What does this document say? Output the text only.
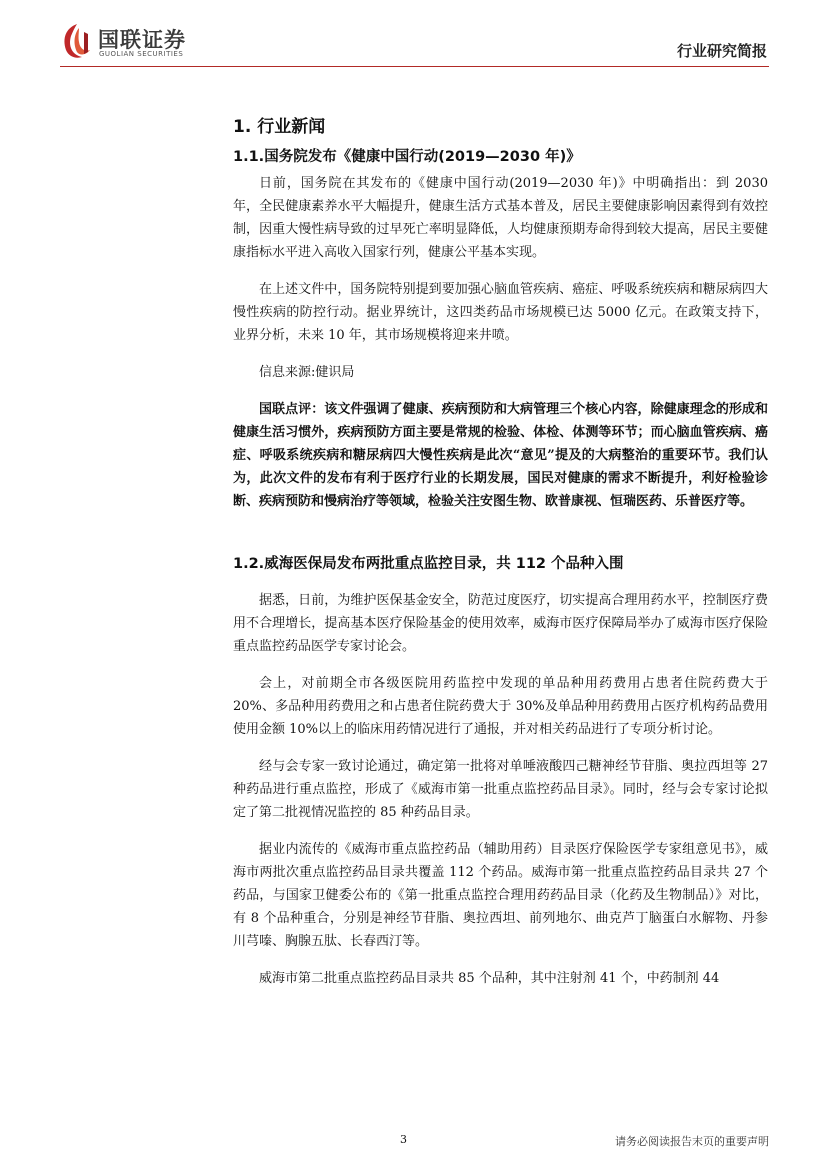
国联证券
GUOLIAN SECURITIES	行业研究简报
1. 行业新闻
1.1.国务院发布《健康中国行动(2019—2030 年)》

日前，国务院在其发布的《健康中国行动(2019—2030 年)》中明确指出：到 2030 年，全民健康素养水平大幅提升，健康生活方式基本普及，居民主要健康影响因素得到有效控制，因重大慢性病导致的过早死亡率明显降低，人均健康预期寿命得到较大提高，居民主要健康指标水平进入高收入国家行列，健康公平基本实现。

在上述文件中，国务院特别提到要加强心脑血管疾病、癌症、呼吸系统疾病和糖尿病四大慢性疾病的防控行动。据业界统计，这四类药品市场规模已达 5000 亿元。在政策支持下，业界分析，未来 10 年，其市场规模将迎来井喷。

信息来源:健识局

国联点评：该文件强调了健康、疾病预防和大病管理三个核心内容，除健康理念的形成和健康生活习惯外，疾病预防方面主要是常规的检验、体检、体测等环节；而心脑血管疾病、癌症、呼吸系统疾病和糖尿病四大慢性疾病是此次“意见”提及的大病整治的重要环节。我们认为，此次文件的发布有利于医疗行业的长期发展，国民对健康的需求不断提升，利好检验诊断、疾病预防和慢病治疗等领域，检验关注安图生物、欧普康视、恒瑞医药、乐普医疗等。

1.2.威海医保局发布两批重点监控目录，共 112 个品种入围

据悉，日前，为维护医保基金安全，防范过度医疗，切实提高合理用药水平，控制医疗费用不合理增长，提高基本医疗保险基金的使用效率，威海市医疗保障局举办了威海市医疗保险重点监控药品医学专家讨论会。

会上，对前期全市各级医院用药监控中发现的单品种用药费用占患者住院药费大于 20%、多品种用药费用之和占患者住院药费大于 30%及单品种用药费用占医疗机构药品费用使用金额 10%以上的临床用药情况进行了通报，并对相关药品进行了专项分析讨论。

经与会专家一致讨论通过，确定第一批将对单唾液酸四己糖神经节苷脂、奥拉西坦等 27 种药品进行重点监控，形成了《威海市第一批重点监控药品目录》。同时，经与会专家讨论拟定了第二批视情况监控的 85 种药品目录。

据业内流传的《威海市重点监控药品（辅助用药）目录医疗保险医学专家组意见书》，威海市两批次重点监控药品目录共覆盖 112 个药品。威海市第一批重点监控药品目录共 27 个药品，与国家卫健委公布的《第一批重点监控合理用药药品目录（化药及生物制品）》对比，有 8 个品种重合，分别是神经节苷脂、奥拉西坦、前列地尔、曲克芦丁脑蛋白水解物、丹参川芎嗪、胸腺五肽、长春西汀等。

威海市第二批重点监控药品目录共 85 个品种，其中注射剂 41 个，中药制剂 44

3	请务必阅读报告末页的重要声明
